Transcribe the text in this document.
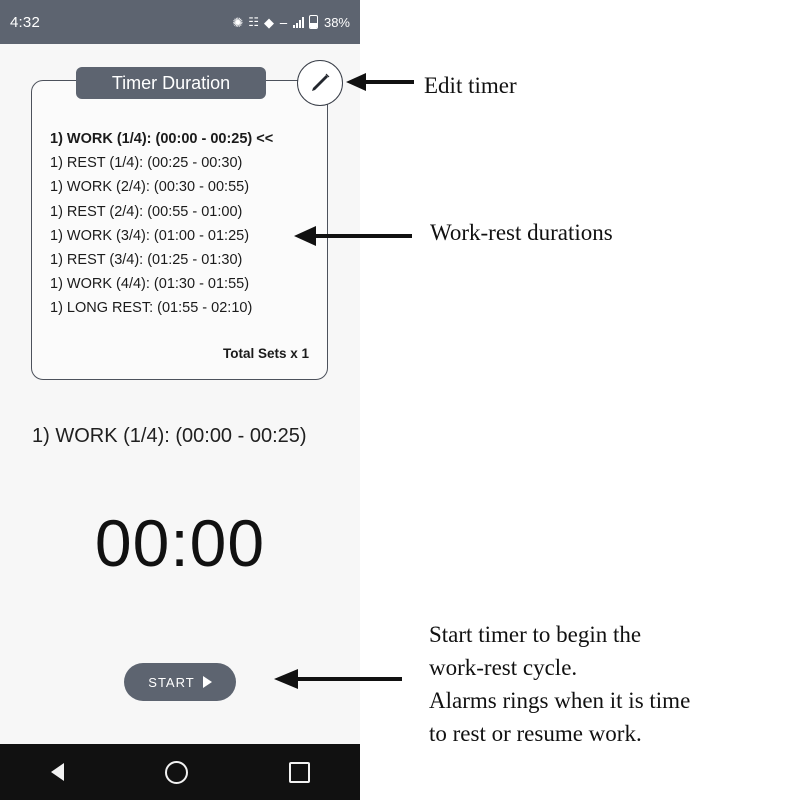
4:32	✺ ☷ ◆ ⚊	38%
Timer Duration
1) WORK (1/4): (00:00 - 00:25) <<
1) REST (1/4): (00:25 - 00:30)
1) WORK (2/4): (00:30 - 00:55)
1) REST (2/4): (00:55 - 01:00)
1) WORK (3/4): (01:00 - 01:25)
1) REST (3/4): (01:25 - 01:30)
1) WORK (4/4): (01:30 - 01:55)
1) LONG REST: (01:55 - 02:10)
Total Sets x 1
1) WORK (1/4): (00:00 - 00:25)
00:00
START
Edit timer
Work-rest durations
Start timer to begin the
work-rest cycle.
Alarms rings when it is time
to rest or resume work.
